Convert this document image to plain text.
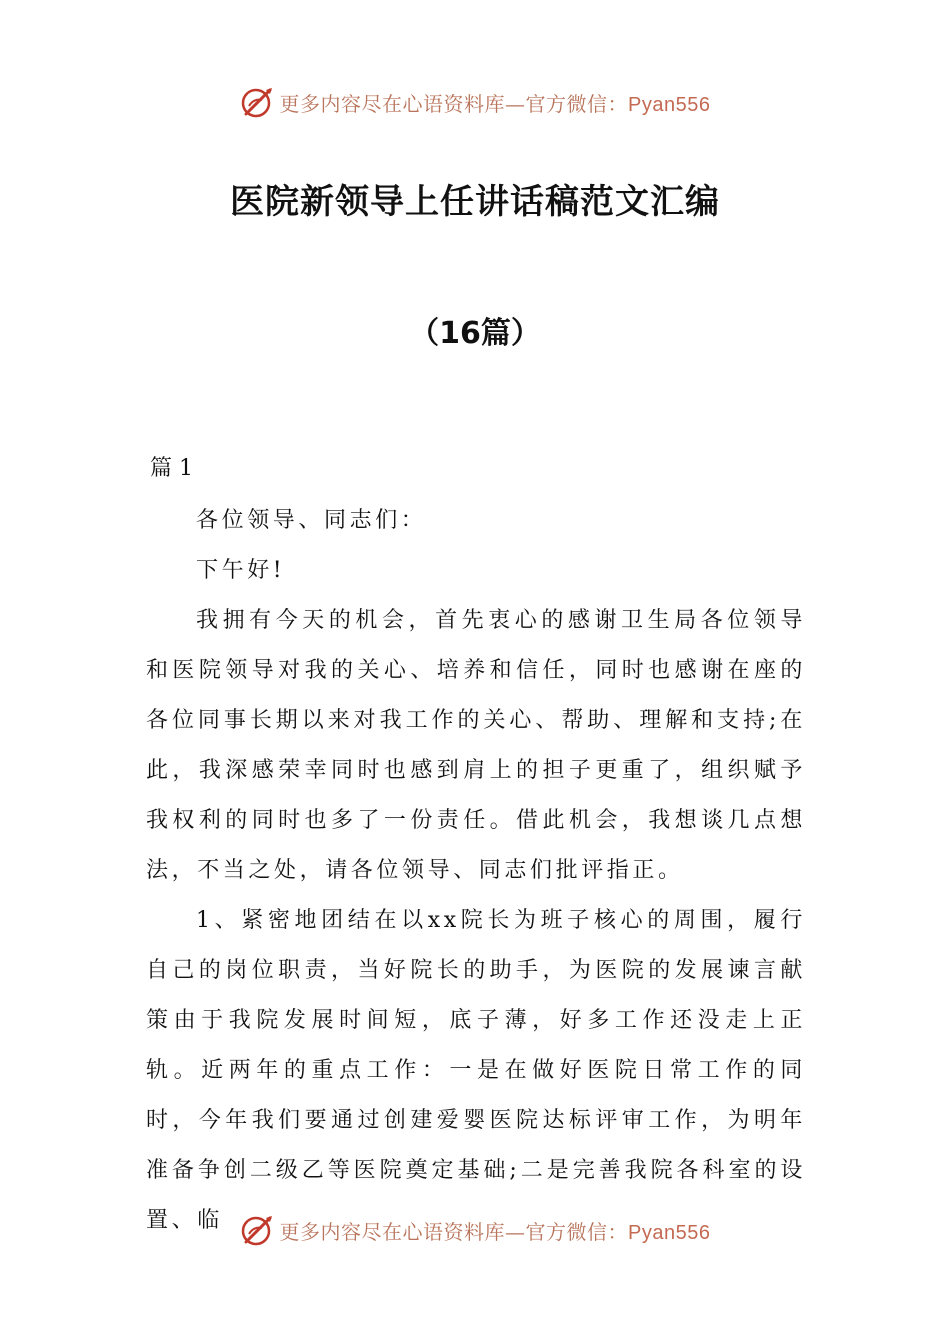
更多内容尽在心语资料库—官方微信：Pyan556
医院新领导上任讲话稿范文汇编
（16篇）
篇 1

各位领导、同志们：

下午好!

我拥有今天的机会，首先衷心的感谢卫生局各位领导和医院领导对我的关心、培养和信任，同时也感谢在座的各位同事长期以来对我工作的关心、帮助、理解和支持;在此，我深感荣幸同时也感到肩上的担子更重了，组织赋予我权利的同时也多了一份责任。借此机会，我想谈几点想法，不当之处，请各位领导、同志们批评指正。

1、紧密地团结在以xx院长为班子核心的周围，履行自己的岗位职责，当好院长的助手，为医院的发展谏言献策由于我院发展时间短，底子薄，好多工作还没走上正轨。近两年的重点工作：一是在做好医院日常工作的同时，今年我们要通过创建爱婴医院达标评审工作，为明年准备争创二级乙等医院奠定基础;二是完善我院各科室的设置、临	更多内容尽在心语资料库—官方微信：Pyan556
